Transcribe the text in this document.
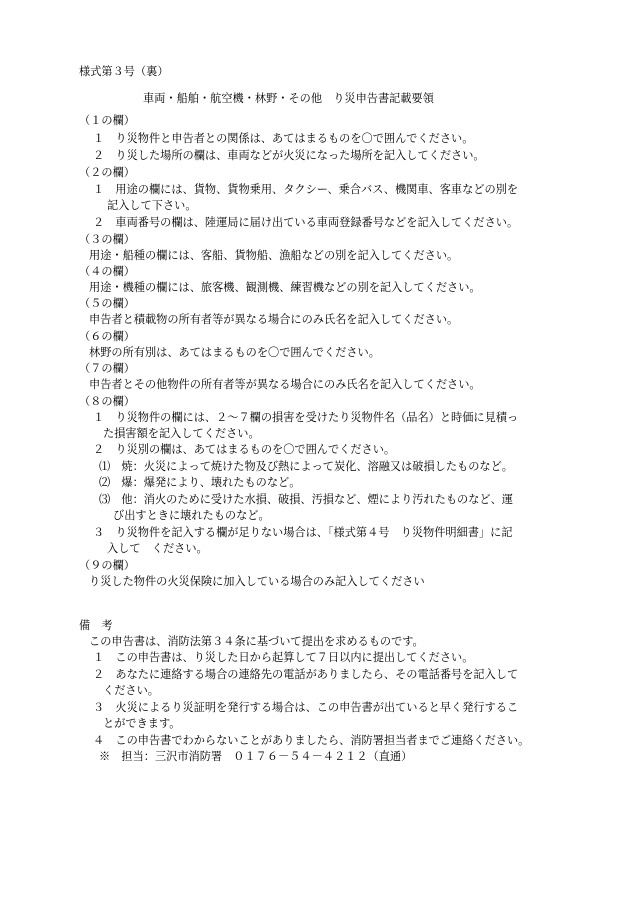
様式第３号（裏）
車両・船舶・航空機・林野・その他　り災申告書記載要領
（１の欄）
１　り災物件と申告者との関係は、あてはまるものを〇で囲んでください。
２　り災した場所の欄は、車両などが火災になった場所を記入してください。
（２の欄）
１　用途の欄には、貨物、貨物乗用、タクシー、乗合バス、機関車、客車などの別を
記入して下さい。
２　車両番号の欄は、陸運局に届け出ている車両登録番号などを記入してください。
（３の欄）
用途・船種の欄には、客船、貨物船、漁船などの別を記入してください。
（４の欄）
用途・機種の欄には、旅客機、観測機、練習機などの別を記入してください。
（５の欄）
申告者と積載物の所有者等が異なる場合にのみ氏名を記入してください。
（６の欄）
林野の所有別は、あてはまるものを〇で囲んでください。
（７の欄）
申告者とその他物件の所有者等が異なる場合にのみ氏名を記入してください。
（８の欄）
１　り災物件の欄には、２～７欄の損害を受けたり災物件名（品名）と時価に見積っ
た損害額を記入してください。
２　り災別の欄は、あてはまるものを〇で囲んでください。
⑴　焼：火災によって焼けた物及び熱によって炭化、溶融又は破損したものなど。
⑵　爆：爆発により、壊れたものなど。
⑶　他：消火のために受けた水損、破損、汚損など、煙により汚れたものなど、運
び出すときに壊れたものなど。
３　り災物件を記入する欄が足りない場合は、「様式第４号　り災物件明細書」に記
入して　ください。
（９の欄）
り災した物件の火災保険に加入している場合のみ記入してください
備　考
この申告書は、消防法第３４条に基づいて提出を求めるものです。
１　この申告書は、り災した日から起算して７日以内に提出してください。
２　あなたに連絡する場合の連絡先の電話がありましたら、その電話番号を記入して
ください。
３　火災によるり災証明を発行する場合は、この申告書が出ていると早く発行するこ
とができます。
４　この申告書でわからないことがありましたら、消防署担当者までご連絡ください。
※　担当：三沢市消防署　０１７６－５４－４２１２（直通）
